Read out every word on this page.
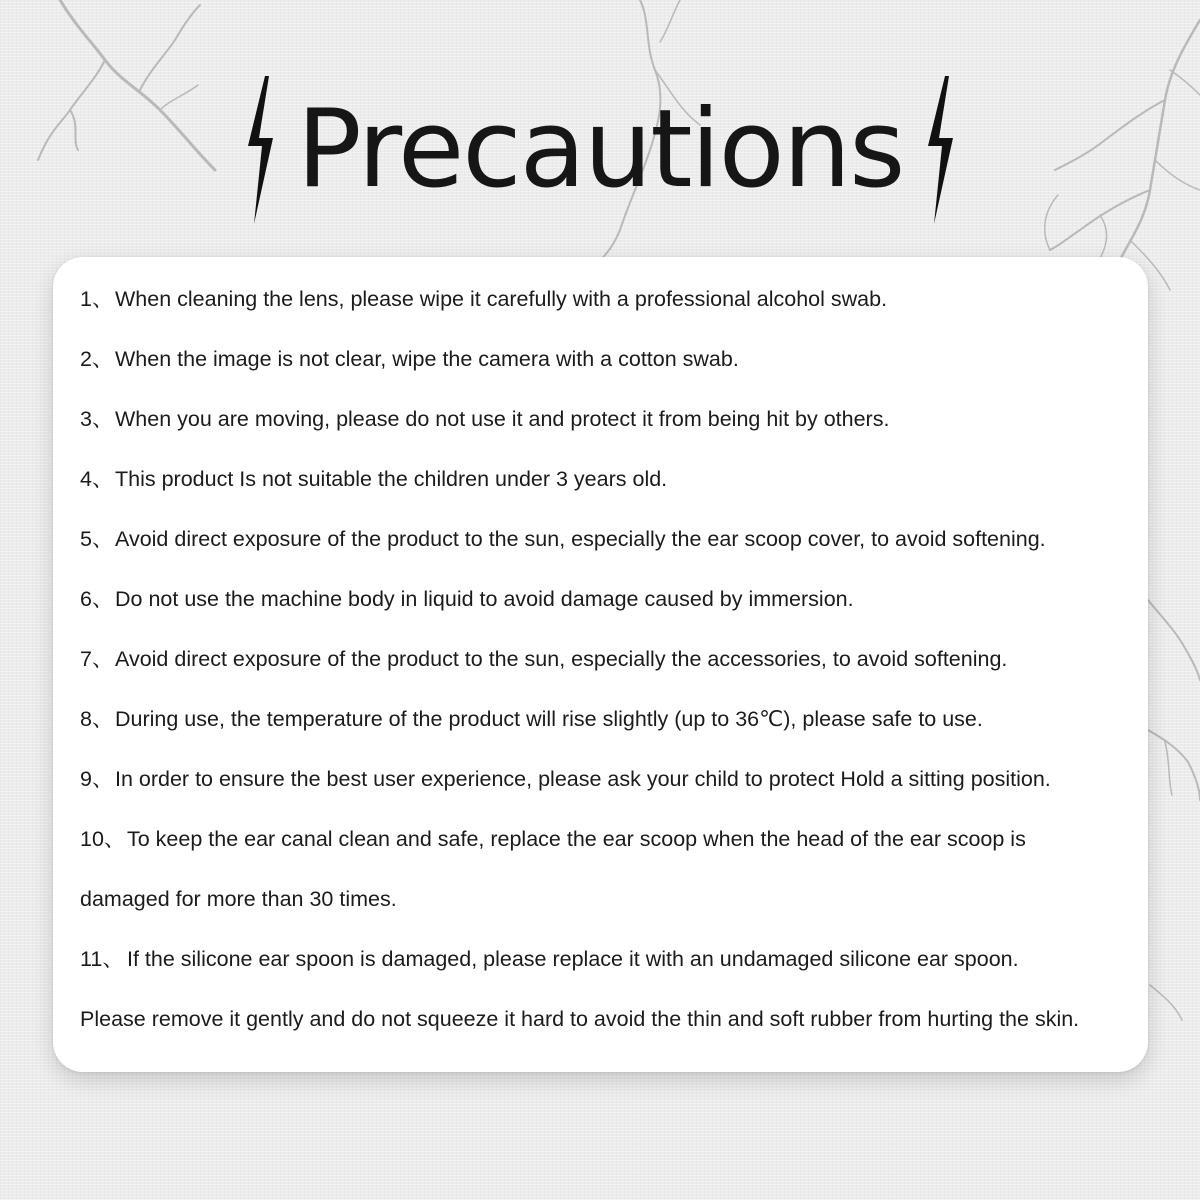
Precautions
1、When cleaning the lens, please wipe it carefully with a professional alcohol swab.
2、When the image is not clear, wipe the camera with a cotton swab.
3、When you are moving, please do not use it and protect it from being hit by others.
4、This product Is not suitable the children under 3 years old.
5、Avoid direct exposure of the product to the sun, especially the ear scoop cover, to avoid softening.
6、Do not use the machine body in liquid to avoid damage caused by immersion.
7、Avoid direct exposure of the product to the sun, especially the accessories, to avoid softening.
8、During use, the temperature of the product will rise slightly (up to 36℃), please safe to use.
9、In order to ensure the best user experience, please ask your child to protect Hold a sitting position.
10、To keep the ear canal clean and safe, replace the ear scoop when the head of the ear scoop is
damaged for more than 30 times.
11、 If the silicone ear spoon is damaged, please replace it with an undamaged silicone ear spoon.
Please remove it gently and do not squeeze it hard to avoid the thin and soft rubber from hurting the skin.
